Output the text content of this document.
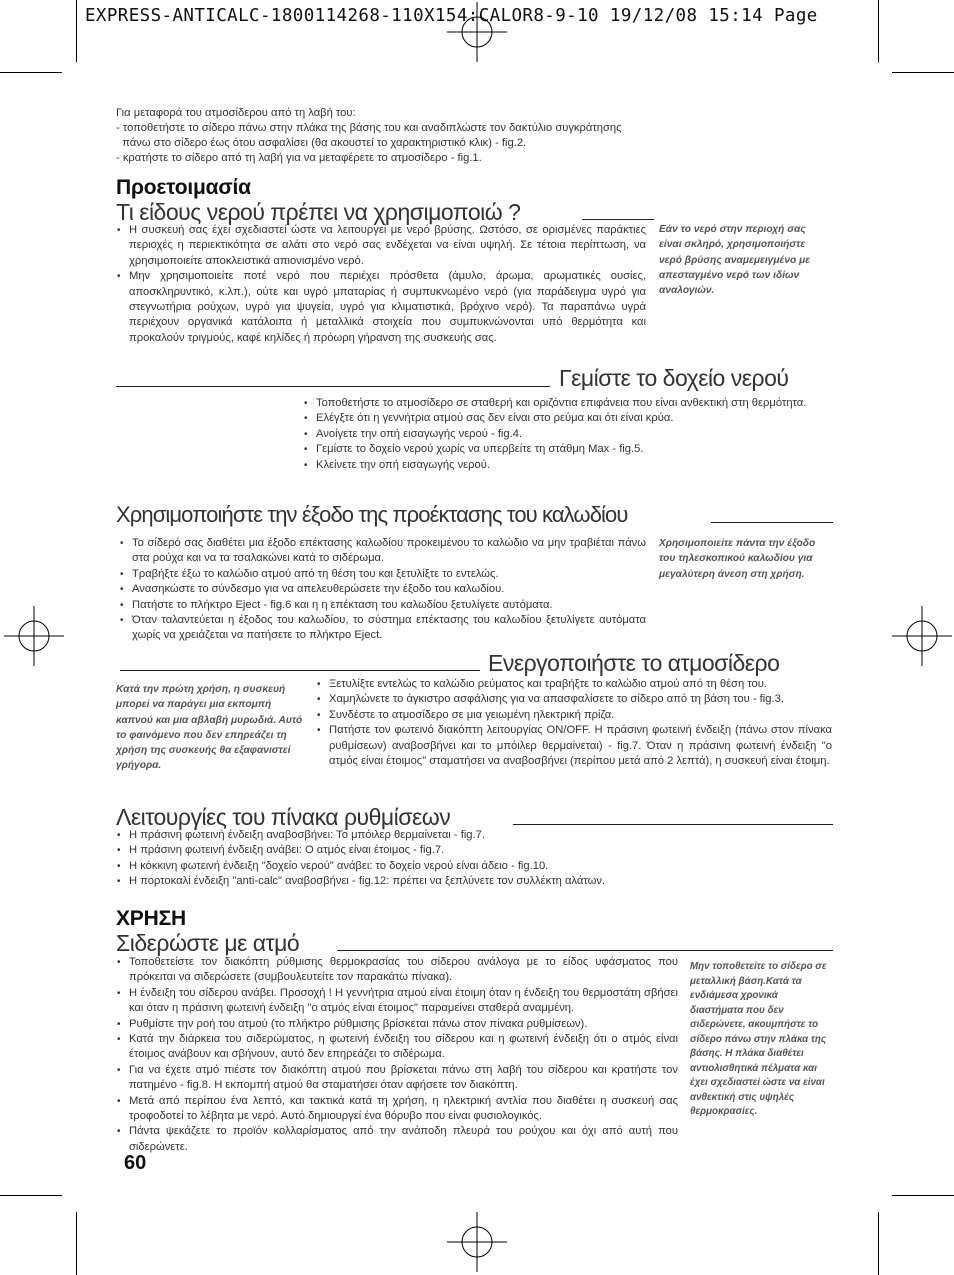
EXPRESS-ANTICALC-1800114268-110X154:CALOR8-9-10 19/12/08 15:14 Page

Για μεταφορά του ατμοσίδερου από τη λαβή του:

- τοποθετήστε το σίδερο πάνω στην πλάκα της βάσης του και αναδιπλώστε τον δακτύλιο συγκράτησης

πάνω στο σίδερο έως ότου ασφαλίσει (θα ακουστεί το χαρακτηριστικό κλικ) - fig.2.

- κρατήστε το σίδερο από τη λαβή για να μεταφέρετε το ατμοσίδερο - fig.1.

Προετοιμασία
Τι είδους νερού πρέπει να χρησιμοποιώ ?
• Η συσκευή σας έχει σχεδιαστεί ώστε να λειτουργεί με νερό βρύσης. Ωστόσο, σε ορισμένες παράκτιες περιοχές η περιεκτικότητα σε αλάτι στο νερό σας ενδέχεται να είναι υψηλή. Σε τέτοια περίπτωση, να χρησιμοποιείτε αποκλειστικά απιονισμένο νερό.
• Μην χρησιμοποιείτε ποτέ νερό που περιέχει πρόσθετα (άμυλο, άρωμα, αρωματικές ουσίες, αποσκληρυντικό, κ.λπ.), ούτε και υγρό μπαταρίας ή συμπυκνωμένο νερό (για παράδειγμα υγρό για στεγνωτήρια ρούχων, υγρό για ψυγεία, υγρό για κλιματιστικά, βρόχινο νερό). Τα παραπάνω υγρά περιέχουν οργανικά κατάλοιπα ή μεταλλικά στοιχεία που συμπυκνώνονται υπό θερμότητα και προκαλούν τριγμούς, καφέ κηλίδες ή πρόωρη γήρανση της συσκευής σας.
Εάν το νερό στην περιοχή σας είναι σκληρό, χρησιμοποιήστε νερό βρύσης αναμεμειγμένο με απεσταγμένο νερό των ιδίων αναλογιών.
Γεμίστε το δοχείο νερού
• Τοποθετήστε το ατμοσίδερο σε σταθερή και οριζόντια επιφάνεια που είναι ανθεκτική στη θερμότητα.
• Ελέγξτε ότι η γεννήτρια ατμού σας δεν είναι στο ρεύμα και ότι είναι κρύα.
• Ανοίγετε την οπή εισαγωγής νερού - fig.4.
• Γεμίστε το δοχείο νερού χωρίς να υπερβείτε τη στάθμη Max - fig.5.
• Κλείνετε την οπή εισαγωγής νερού.
Χρησιμοποιήστε την έξοδο της προέκτασης του καλωδίου
• Το σίδερό σας διαθέτει μια έξοδο επέκτασης καλωδίου προκειμένου το καλώδιο να μην τραβιέται πάνω στα ρούχα και να τα τσαλακώνει κατά το σιδέρωμα.
• Τραβήξτε έξω το καλώδιο ατμού από τη θέση του και ξετυλίξτε το εντελώς.
• Ανασηκώστε το σύνδεσμο για να απελευθερώσετε την έξοδο του καλωδίου.
• Πατήστε το πλήκτρο Eject - fig.6 και η η επέκταση του καλωδίου ξετυλίγετε αυτόματα.
• Όταν ταλαντεύεται η έξοδος του καλωδίου, το σύστημα επέκτασης του καλωδίου ξετυλίγετε αυτόματα χωρίς να χρειάζεται να πατήσετε το πλήκτρο Eject.
Χρησιμοποιείτε πάντα την έξοδο του τηλεσκοπικού καλωδίου για μεγαλύτερη άνεση στη χρήση.
Ενεργοποιήστε το ατμοσίδερο
Κατά την πρώτη χρήση, η συσκευή μπορεί να παράγει μια εκπομπή καπνού και μια αβλαβή μυρωδιά. Αυτό το φαινόμενο που δεν επηρεάζει τη χρήση της συσκευής θα εξαφανιστεί γρήγορα.
• Ξετυλίξτε εντελώς το καλώδιο ρεύματος και τραβήξτε το καλώδιο ατμού από τη θέση του.
• Χαμηλώνετε το άγκιστρο ασφάλισης για να απασφαλίσετε το σίδερο από τη βάση του - fig.3.
• Συνδέστε το ατμοσίδερο σε μια γειωμένη ηλεκτρική πρίζα.
• Πατήστε τον φωτεινό διακόπτη λειτουργίας ON/OFF. Η πράσινη φωτεινή ένδειξη (πάνω στον πίνακα ρυθμίσεων) αναβοσβήνει και το μπόιλερ θερμαίνεται) - fig.7. Όταν η πράσινη φωτεινή ένδειξη "ο ατμός είναι έτοιμος" σταματήσει να αναβοσβήνει (περίπου μετά από 2 λεπτά), η συσκευή είναι έτοιμη.
Λειτουργίες του πίνακα ρυθμίσεων
• Η πράσινη φωτεινή ένδειξη αναβοσβήνει: Το μπόιλερ θερμαίνεται - fig.7.
• Η πράσινη φωτεινή ένδειξη ανάβει: Ο ατμός είναι έτοιμος - fig.7.
• Η κόκκινη φωτεινή ένδειξη "δοχείο νερού" ανάβει: το δοχείο νερού είναι άδειο - fig.10.
• Η πορτοκαλί ένδειξη "anti-calc" αναβοσβήνει - fig.12: πρέπει να ξεπλύνετε τον συλλέκτη αλάτων.
ΧΡΗΣΗ
Σιδερώστε με ατμό
• Τοποθετείστε τον διακόπτη ρύθμισης θερμοκρασίας του σίδερου ανάλογα με το είδος υφάσματος που πρόκειται να σιδερώσετε (συμβουλευτείτε τον παρακάτω πίνακα).
• Η ένδειξη του σίδερου ανάβει. Προσοχή ! Η γεννήτρια ατμού είναι έτοιμη όταν η ένδειξη του θερμοστάτη σβήσει και όταν η πράσινη φωτεινή ένδειξη "ο ατμός είναι έτοιμος" παραμείνει σταθερά αναμμένη.
• Ρυθμίστε την ροή του ατμού (το πλήκτρο ρύθμισης βρίσκεται πάνω στον πίνακα ρυθμίσεων).
• Κατά την διάρκεια του σιδερώματος, η φωτεινή ένδειξη του σίδερου και η φωτεινή ένδειξη ότι ο ατμός είναι έτοιμος ανάβουν και σβήνουν, αυτό δεν επηρεάζει το σιδέρωμα.
• Για να έχετε ατμό πιέστε τον διακόπτη ατμού που βρίσκεται πάνω στη λαβή του σίδερου και κρατήστε τον πατημένο - fig.8. Η εκπομπή ατμού θα σταματήσει όταν αφήσετε τον διακόπτη.
• Μετά από περίπου ένα λεπτό, και τακτικά κατά τη χρήση, η ηλεκτρική αντλία που διαθέτει η συσκευή σας τροφοδοτεί το λέβητα με νερό. Αυτό δημιουργεί ένα θόρυβο που είναι φυσιολογικός.
• Πάντα ψεκάζετε το προϊόν κολλαρίσματος από την ανάποδη πλευρά του ρούχου και όχι από αυτή που σιδερώνετε.
Μην τοποθετείτε το σίδερο σε μεταλλική βάση.Κατά τα ενδιάμεσα χρονικά διαστήματα που δεν σιδερώνετε, ακουμπήστε το σίδερο πάνω στην πλάκα της βάσης. Η πλάκα διαθέτει αντιολισθητικά πέλματα και έχει σχεδιαστεί ώστε να είναι ανθεκτική στις υψηλές θερμοκρασίες.
60
